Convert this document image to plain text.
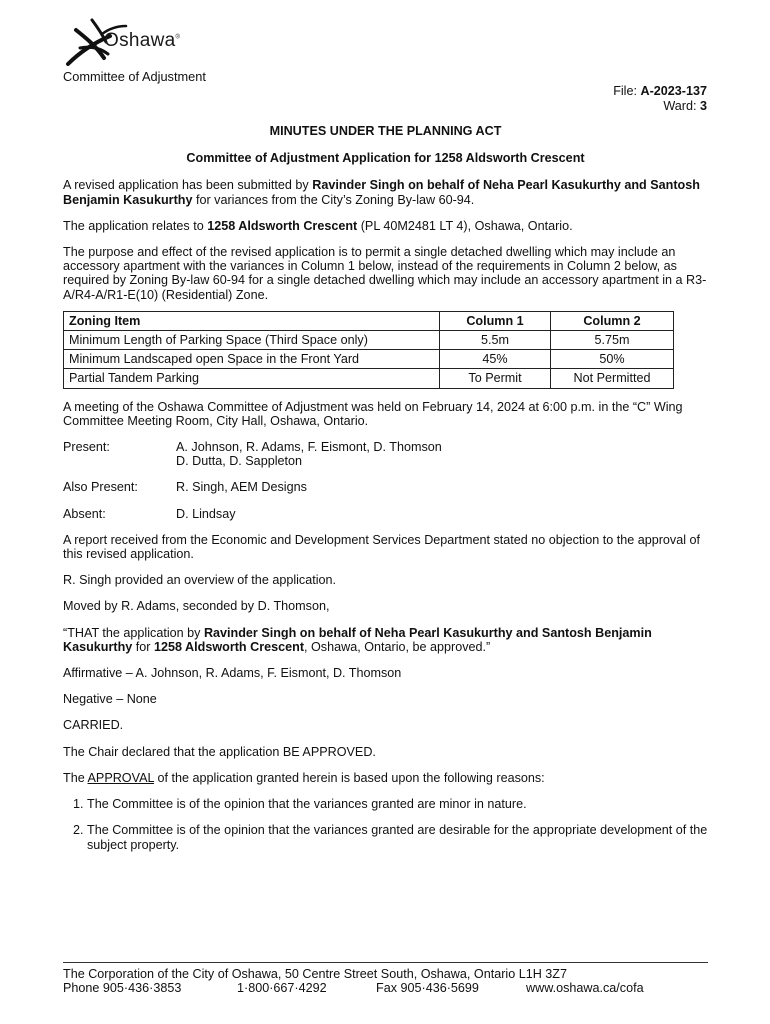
Oshawa®
Committee of Adjustment
File: A-2023-137
Ward: 3

MINUTES UNDER THE PLANNING ACT

Committee of Adjustment Application for 1258 Aldsworth Crescent

A revised application has been submitted by Ravinder Singh on behalf of Neha Pearl Kasukurthy and Santosh Benjamin Kasukurthy for variances from the City’s Zoning By-law 60-94.

The application relates to 1258 Aldsworth Crescent (PL 40M2481 LT 4), Oshawa, Ontario.

The purpose and effect of the revised application is to permit a single detached dwelling which may include an accessory apartment with the variances in Column 1 below, instead of the requirements in Column 2 below, as required by Zoning By-law 60-94 for a single detached dwelling which may include an accessory apartment in a R3-A/R4-A/R1-E(10) (Residential) Zone.

Zoning Item	Column 1	Column 2
Minimum Length of Parking Space (Third Space only)	5.5m	5.75m
Minimum Landscaped open Space in the Front Yard	45%	50%
Partial Tandem Parking	To Permit	Not Permitted

A meeting of the Oshawa Committee of Adjustment was held on February 14, 2024 at 6:00 p.m. in the “C” Wing Committee Meeting Room, City Hall, Oshawa, Ontario.

Present:	A. Johnson, R. Adams, F. Eismont, D. Thomson
D. Dutta, D. Sappleton
Also Present:	R. Singh, AEM Designs
Absent:	D. Lindsay

A report received from the Economic and Development Services Department stated no objection to the approval of this revised application.

R. Singh provided an overview of the application.

Moved by R. Adams, seconded by D. Thomson,

“THAT the application by Ravinder Singh on behalf of Neha Pearl Kasukurthy and Santosh Benjamin Kasukurthy for 1258 Aldsworth Crescent, Oshawa, Ontario, be approved.”

Affirmative – A. Johnson, R. Adams, F. Eismont, D. Thomson

Negative – None

CARRIED.

The Chair declared that the application BE APPROVED.

The APPROVAL of the application granted herein is based upon the following reasons:

1. The Committee is of the opinion that the variances granted are minor in nature.
2. The Committee is of the opinion that the variances granted are desirable for the appropriate development of the subject property.
The Corporation of the City of Oshawa, 50 Centre Street South, Oshawa, Ontario L1H 3Z7
Phone 905·436·3853	1·800·667·4292	Fax 905·436·5699	www.oshawa.ca/cofa
